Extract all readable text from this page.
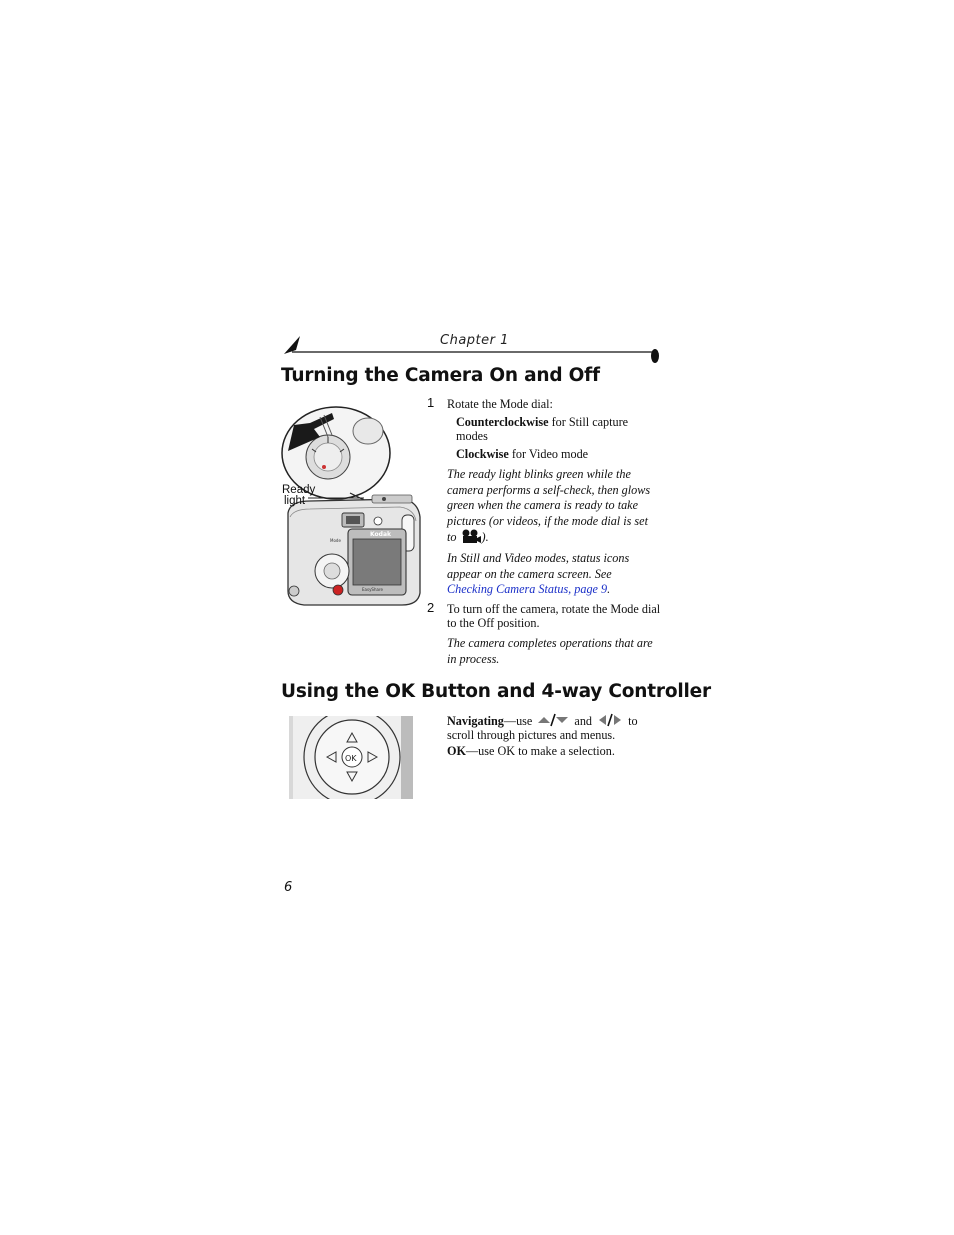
Chapter 1
Turning the Camera On and Off
Kodak
EasyShare
Mode
Ready
light
1 Rotate the Mode dial:
Counterclockwise for Still capture
modes
Clockwise for Video mode
The ready light blinks green while the
camera performs a self-check, then glows
green when the camera is ready to take
pictures (or videos, if the mode dial is set
to ).
In Still and Video modes, status icons
appear on the camera screen. See
Checking Camera Status, page 9.
2 To turn off the camera, rotate the Mode dial
to the Off position.
The camera completes operations that are
in process.
Using the OK Button and 4-way Controller
OK
Navigating—use	and	to
scroll through pictures and menus.
OK—use OK to make a selection.
6
